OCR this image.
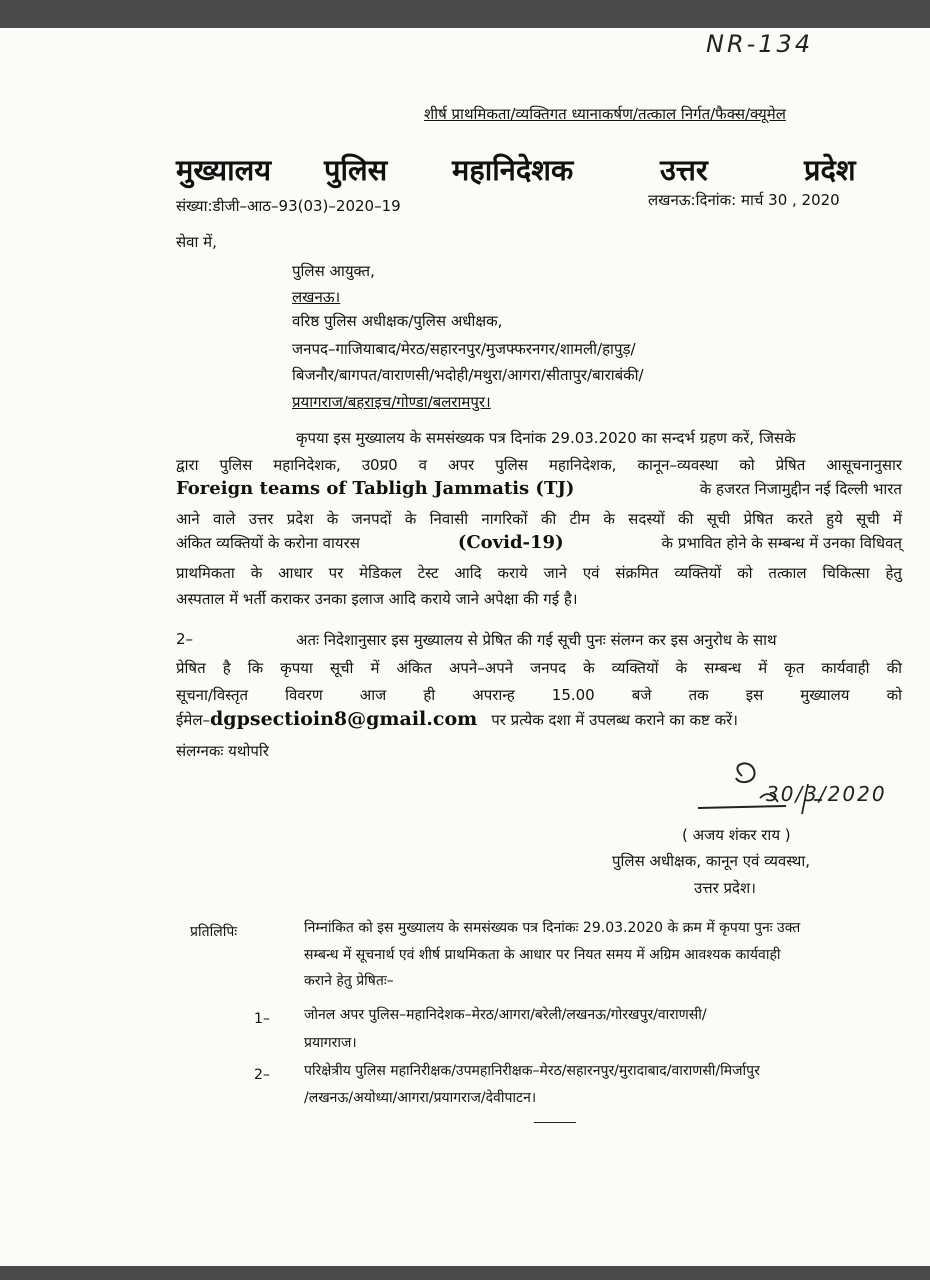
NR-134
शीर्ष प्राथमिकता/व्यक्तिगत ध्यानाकर्षण/तत्काल निर्गत/फैक्स/क्यूमेल
मुख्यालय पुलिस महानिदेशक	उत्तर	प्रदेश
संख्या:डीजी–आठ–93(03)–2020–19	लखनऊ:दिनांक: मार्च 30 , 2020
सेवा में,
पुलिस आयुक्त,
लखनऊ।
वरिष्ठ पुलिस अधीक्षक/पुलिस अधीक्षक,
जनपद–गाजियाबाद/मेरठ/सहारनपुर/मुजफ्फरनगर/शामली/हापुड़/
बिजनौर/बागपत/वाराणसी/भदोही/मथुरा/आगरा/सीतापुर/बाराबंकी/
प्रयागराज/बहराइच/गोण्डा/बलरामपुर।
कृपया इस मुख्यालय के समसंख्यक पत्र दिनांक 29.03.2020 का सन्दर्भ ग्रहण करें, जिसके
द्वारा पुलिस महानिदेशक, उ0प्र0 व अपर पुलिस महानिदेशक, कानून–व्यवस्था को प्रेषित आसूचनानुसार
Foreign teams of Tabligh Jammatis (TJ)	के हजरत निजामुद्दीन नई दिल्ली भारत
आने वाले उत्तर प्रदेश के जनपदों के निवासी नागरिकों की टीम के सदस्यों की सूची प्रेषित करते हुये सूची में
अंकित व्यक्तियों के करोना वायरस	(Covid-19)	के प्रभावित होने के सम्बन्ध में उनका विधिवत्
प्राथमिकता के आधार पर मेडिकल टेस्ट आदि कराये जाने एवं संक्रमित व्यक्तियों को तत्काल चिकित्सा हेतु
अस्पताल में भर्ती कराकर उनका इलाज आदि कराये जाने अपेक्षा की गई है।
2–	अतः निदेशानुसार इस मुख्यालय से प्रेषित की गई सूची पुनः संलग्न कर इस अनुरोध के साथ
प्रेषित है कि कृपया सूची में अंकित अपने–अपने जनपद के व्यक्तियों के सम्बन्ध में कृत कार्यवाही की
सूचना/विस्तृत विवरण आज ही अपरान्ह 15.00 बजे तक इस मुख्यालय को
ईमेल– dgpsectioin8@gmail.com पर प्रत्येक दशा में उपलब्ध कराने का कष्ट करें।
संलग्नकः यथोपरि
30/3/2020
( अजय शंकर राय )
पुलिस अधीक्षक, कानून एवं व्यवस्था,
उत्तर प्रदेश।
प्रतिलिपिः	निम्नांकित को इस मुख्यालय के समसंख्यक पत्र दिनांकः 29.03.2020 के क्रम में कृपया पुनः उक्त
सम्बन्ध में सूचनार्थ एवं शीर्ष प्राथमिकता के आधार पर नियत समय में अग्रिम आवश्यक कार्यवाही
कराने हेतु प्रेषितः–
1– जोनल अपर पुलिस–महानिदेशक–मेरठ/आगरा/बरेली/लखनऊ/गोरखपुर/वाराणसी/
प्रयागराज।
2– परिक्षेत्रीय पुलिस महानिरीक्षक/उपमहानिरीक्षक–मेरठ/सहारनपुर/मुरादाबाद/वाराणसी/मिर्जापुर
/लखनऊ/अयोध्या/आगरा/प्रयागराज/देवीपाटन।
